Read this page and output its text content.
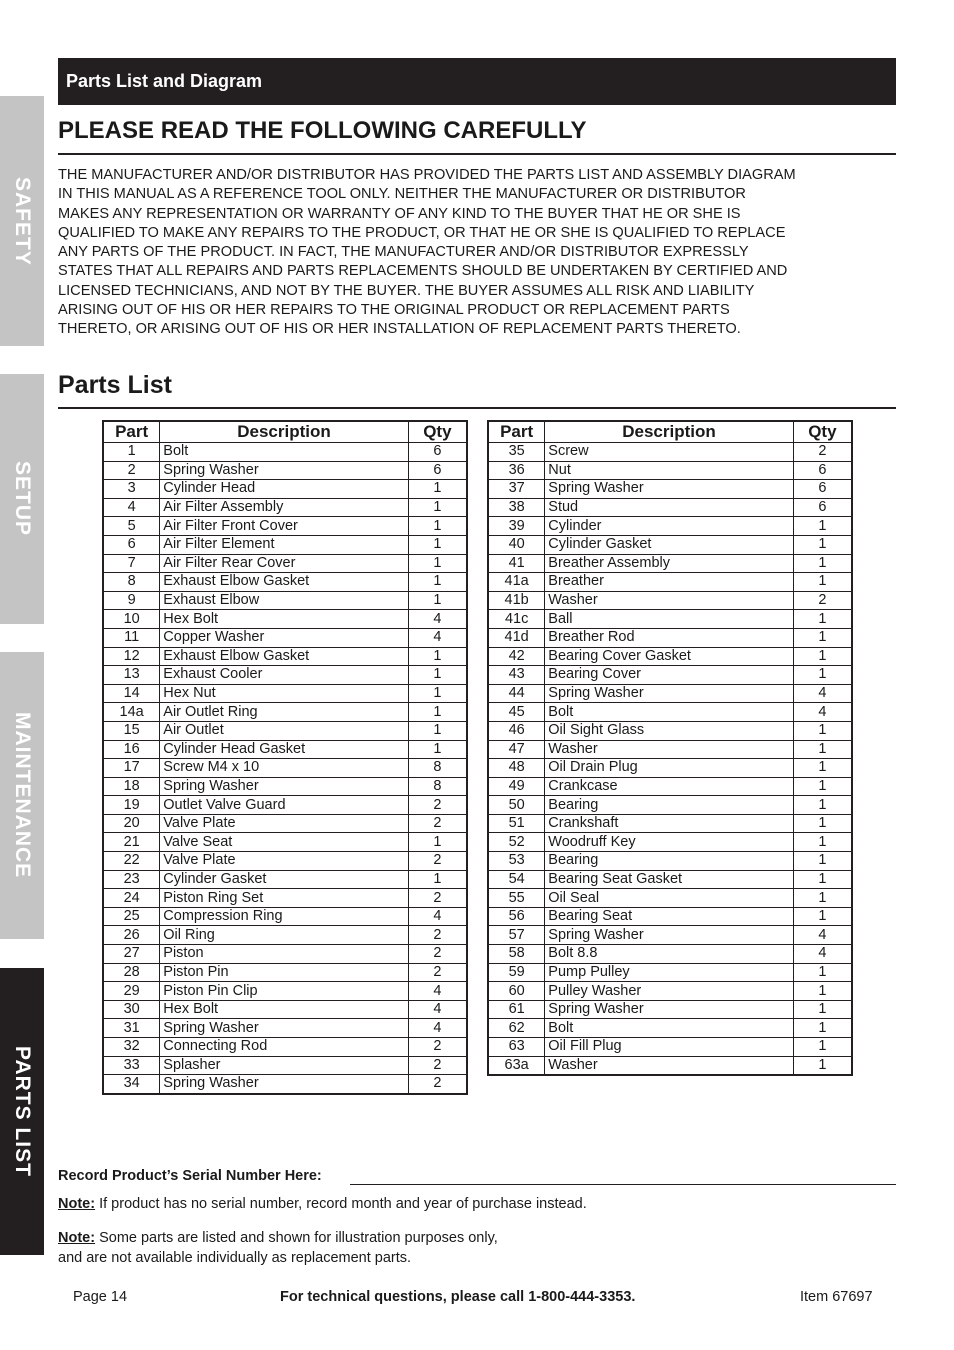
SAFETY
SETUP
MAINTENANCE
PARTS LIST
Parts List and Diagram
PLEASE READ THE FOLLOWING CAREFULLY
THE MANUFACTURER AND/OR DISTRIBUTOR HAS PROVIDED THE PARTS LIST AND ASSEMBLY DIAGRAM
IN THIS MANUAL AS A REFERENCE TOOL ONLY. NEITHER THE MANUFACTURER OR DISTRIBUTOR
MAKES ANY REPRESENTATION OR WARRANTY OF ANY KIND TO THE BUYER THAT HE OR SHE IS
QUALIFIED TO MAKE ANY REPAIRS TO THE PRODUCT, OR THAT HE OR SHE IS QUALIFIED TO REPLACE
ANY PARTS OF THE PRODUCT. IN FACT, THE MANUFACTURER AND/OR DISTRIBUTOR EXPRESSLY
STATES THAT ALL REPAIRS AND PARTS REPLACEMENTS SHOULD BE UNDERTAKEN BY CERTIFIED AND
LICENSED TECHNICIANS, AND NOT BY THE BUYER. THE BUYER ASSUMES ALL RISK AND LIABILITY
ARISING OUT OF HIS OR HER REPAIRS TO THE ORIGINAL PRODUCT OR REPLACEMENT PARTS
THERETO, OR ARISING OUT OF HIS OR HER INSTALLATION OF REPLACEMENT PARTS THERETO.
Parts List
Part	Description	Qty
1	Bolt	6
2	Spring Washer	6
3	Cylinder Head	1
4	Air Filter Assembly	1
5	Air Filter Front Cover	1
6	Air Filter Element	1
7	Air Filter Rear Cover	1
8	Exhaust Elbow Gasket	1
9	Exhaust Elbow	1
10	Hex Bolt	4
11	Copper Washer	4
12	Exhaust Elbow Gasket	1
13	Exhaust Cooler	1
14	Hex Nut	1
14a	Air Outlet Ring	1
15	Air Outlet	1
16	Cylinder Head Gasket	1
17	Screw M4 x 10	8
18	Spring Washer	8
19	Outlet Valve Guard	2
20	Valve Plate	2
21	Valve Seat	1
22	Valve Plate	2
23	Cylinder Gasket	1
24	Piston Ring Set	2
25	Compression Ring	4
26	Oil Ring	2
27	Piston	2
28	Piston Pin	2
29	Piston Pin Clip	4
30	Hex Bolt	4
31	Spring Washer	4
32	Connecting Rod	2
33	Splasher	2
34	Spring Washer	2
Part	Description	Qty
35	Screw	2
36	Nut	6
37	Spring Washer	6
38	Stud	6
39	Cylinder	1
40	Cylinder Gasket	1
41	Breather Assembly	1
41a	Breather	1
41b	Washer	2
41c	Ball	1
41d	Breather Rod	1
42	Bearing Cover Gasket	1
43	Bearing Cover	1
44	Spring Washer	4
45	Bolt	4
46	Oil Sight Glass	1
47	Washer	1
48	Oil Drain Plug	1
49	Crankcase	1
50	Bearing	1
51	Crankshaft	1
52	Woodruff Key	1
53	Bearing	1
54	Bearing Seat Gasket	1
55	Oil Seal	1
56	Bearing Seat	1
57	Spring Washer	4
58	Bolt 8.8	4
59	Pump Pulley	1
60	Pulley Washer	1
61	Spring Washer	1
62	Bolt	1
63	Oil Fill Plug	1
63a	Washer	1
Record Product’s Serial Number Here:
Note: If product has no serial number, record month and year of purchase instead.
Note: Some parts are listed and shown for illustration purposes only,
and are not available individually as replacement parts.
Page 14	For technical questions, please call 1-800-444-3353.	Item 67697
